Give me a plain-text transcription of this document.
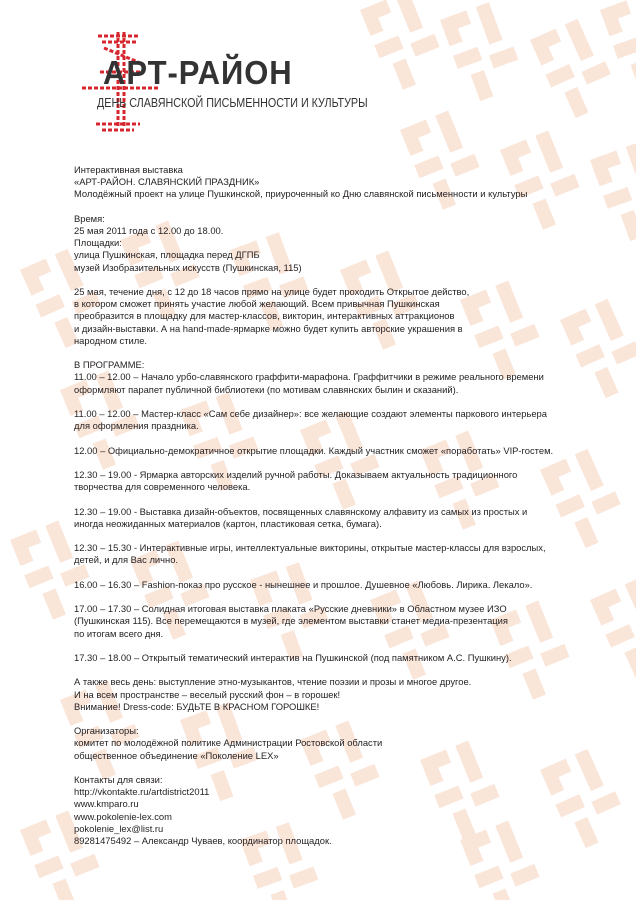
АРТ-РАЙОН
ДЕНЬ СЛАВЯНСКОЙ ПИСЬМЕННОСТИ И КУЛЬТУРЫ
Интерактивная выставка
«АРТ-РАЙОН. СЛАВЯНСКИЙ ПРАЗДНИК»
Молодёжный проект на улице Пушкинской, приуроченный ко Дню славянской письменности и культуры
Время:
25 мая 2011 года с 12.00 до 18.00.
Площадки:
улица Пушкинская, площадка перед ДГПБ
музей Изобразительных искусств (Пушкинская, 115)
25 мая, течение дня, с 12 до 18 часов прямо на улице будет проходить Открытое действо,
в котором сможет принять участие любой желающий. Всем привычная Пушкинская
преобразится в площадку для мастер-классов, викторин, интерактивных аттракционов
и дизайн-выставки. А на hand-made-ярмарке можно будет купить авторские украшения в
народном стиле.
В ПРОГРАММЕ:
11.00 – 12.00 – Начало урбо-славянского граффити-марафона. Граффитчики в режиме реального времени
оформляют парапет публичной библиотеки (по мотивам славянских былин и сказаний).
11.00 – 12.00 – Мастер-класс «Сам себе дизайнер»: все желающие создают элементы паркового интерьера
для оформления праздника.
12.00 – Официально-демократичное открытие площадки. Каждый участник сможет «поработать» VIP-гостем.
12.30 – 19.00 - Ярмарка авторских изделий ручной работы. Доказываем актуальность традиционного
творчества для современного человека.
12.30 – 19.00 - Выставка дизайн-объектов, посвященных славянскому алфавиту из самых из простых и
иногда неожиданных материалов (картон, пластиковая сетка, бумага).
12.30 – 15.30 - Интерактивные игры, интеллектуальные викторины, открытые мастер-классы для взрослых,
детей, и для Вас лично.
16.00 – 16.30 – Fashion-показ про русское - нынешнее и прошлое. Душевное «Любовь. Лирика. Лекало».
17.00 – 17.30 – Солидная итоговая выставка плаката «Русские дневники» в Областном музее ИЗО
(Пушкинская 115). Все перемещаются в музей, где элементом выставки станет медиа-презентация
по итогам всего дня.
17.30 – 18.00 – Открытый тематический интерактив на Пушкинской (под памятником А.С. Пушкину).
А также весь день: выступление этно-музыкантов, чтение поэзии и прозы и многое другое.
И на всем пространстве – веселый русский фон – в горошек!
Внимание! Dress-code: БУДЬТЕ В КРАСНОМ ГОРОШКЕ!
Организаторы:
комитет по молодёжной политике Администрации Ростовской области
общественное объединение «Поколение LEX»
Контакты для связи:
http://vkontakte.ru/artdistrict2011
www.kmparo.ru
www.pokolenie-lex.com
pokolenie_lex@list.ru
89281475492 – Александр Чуваев, координатор площадок.
